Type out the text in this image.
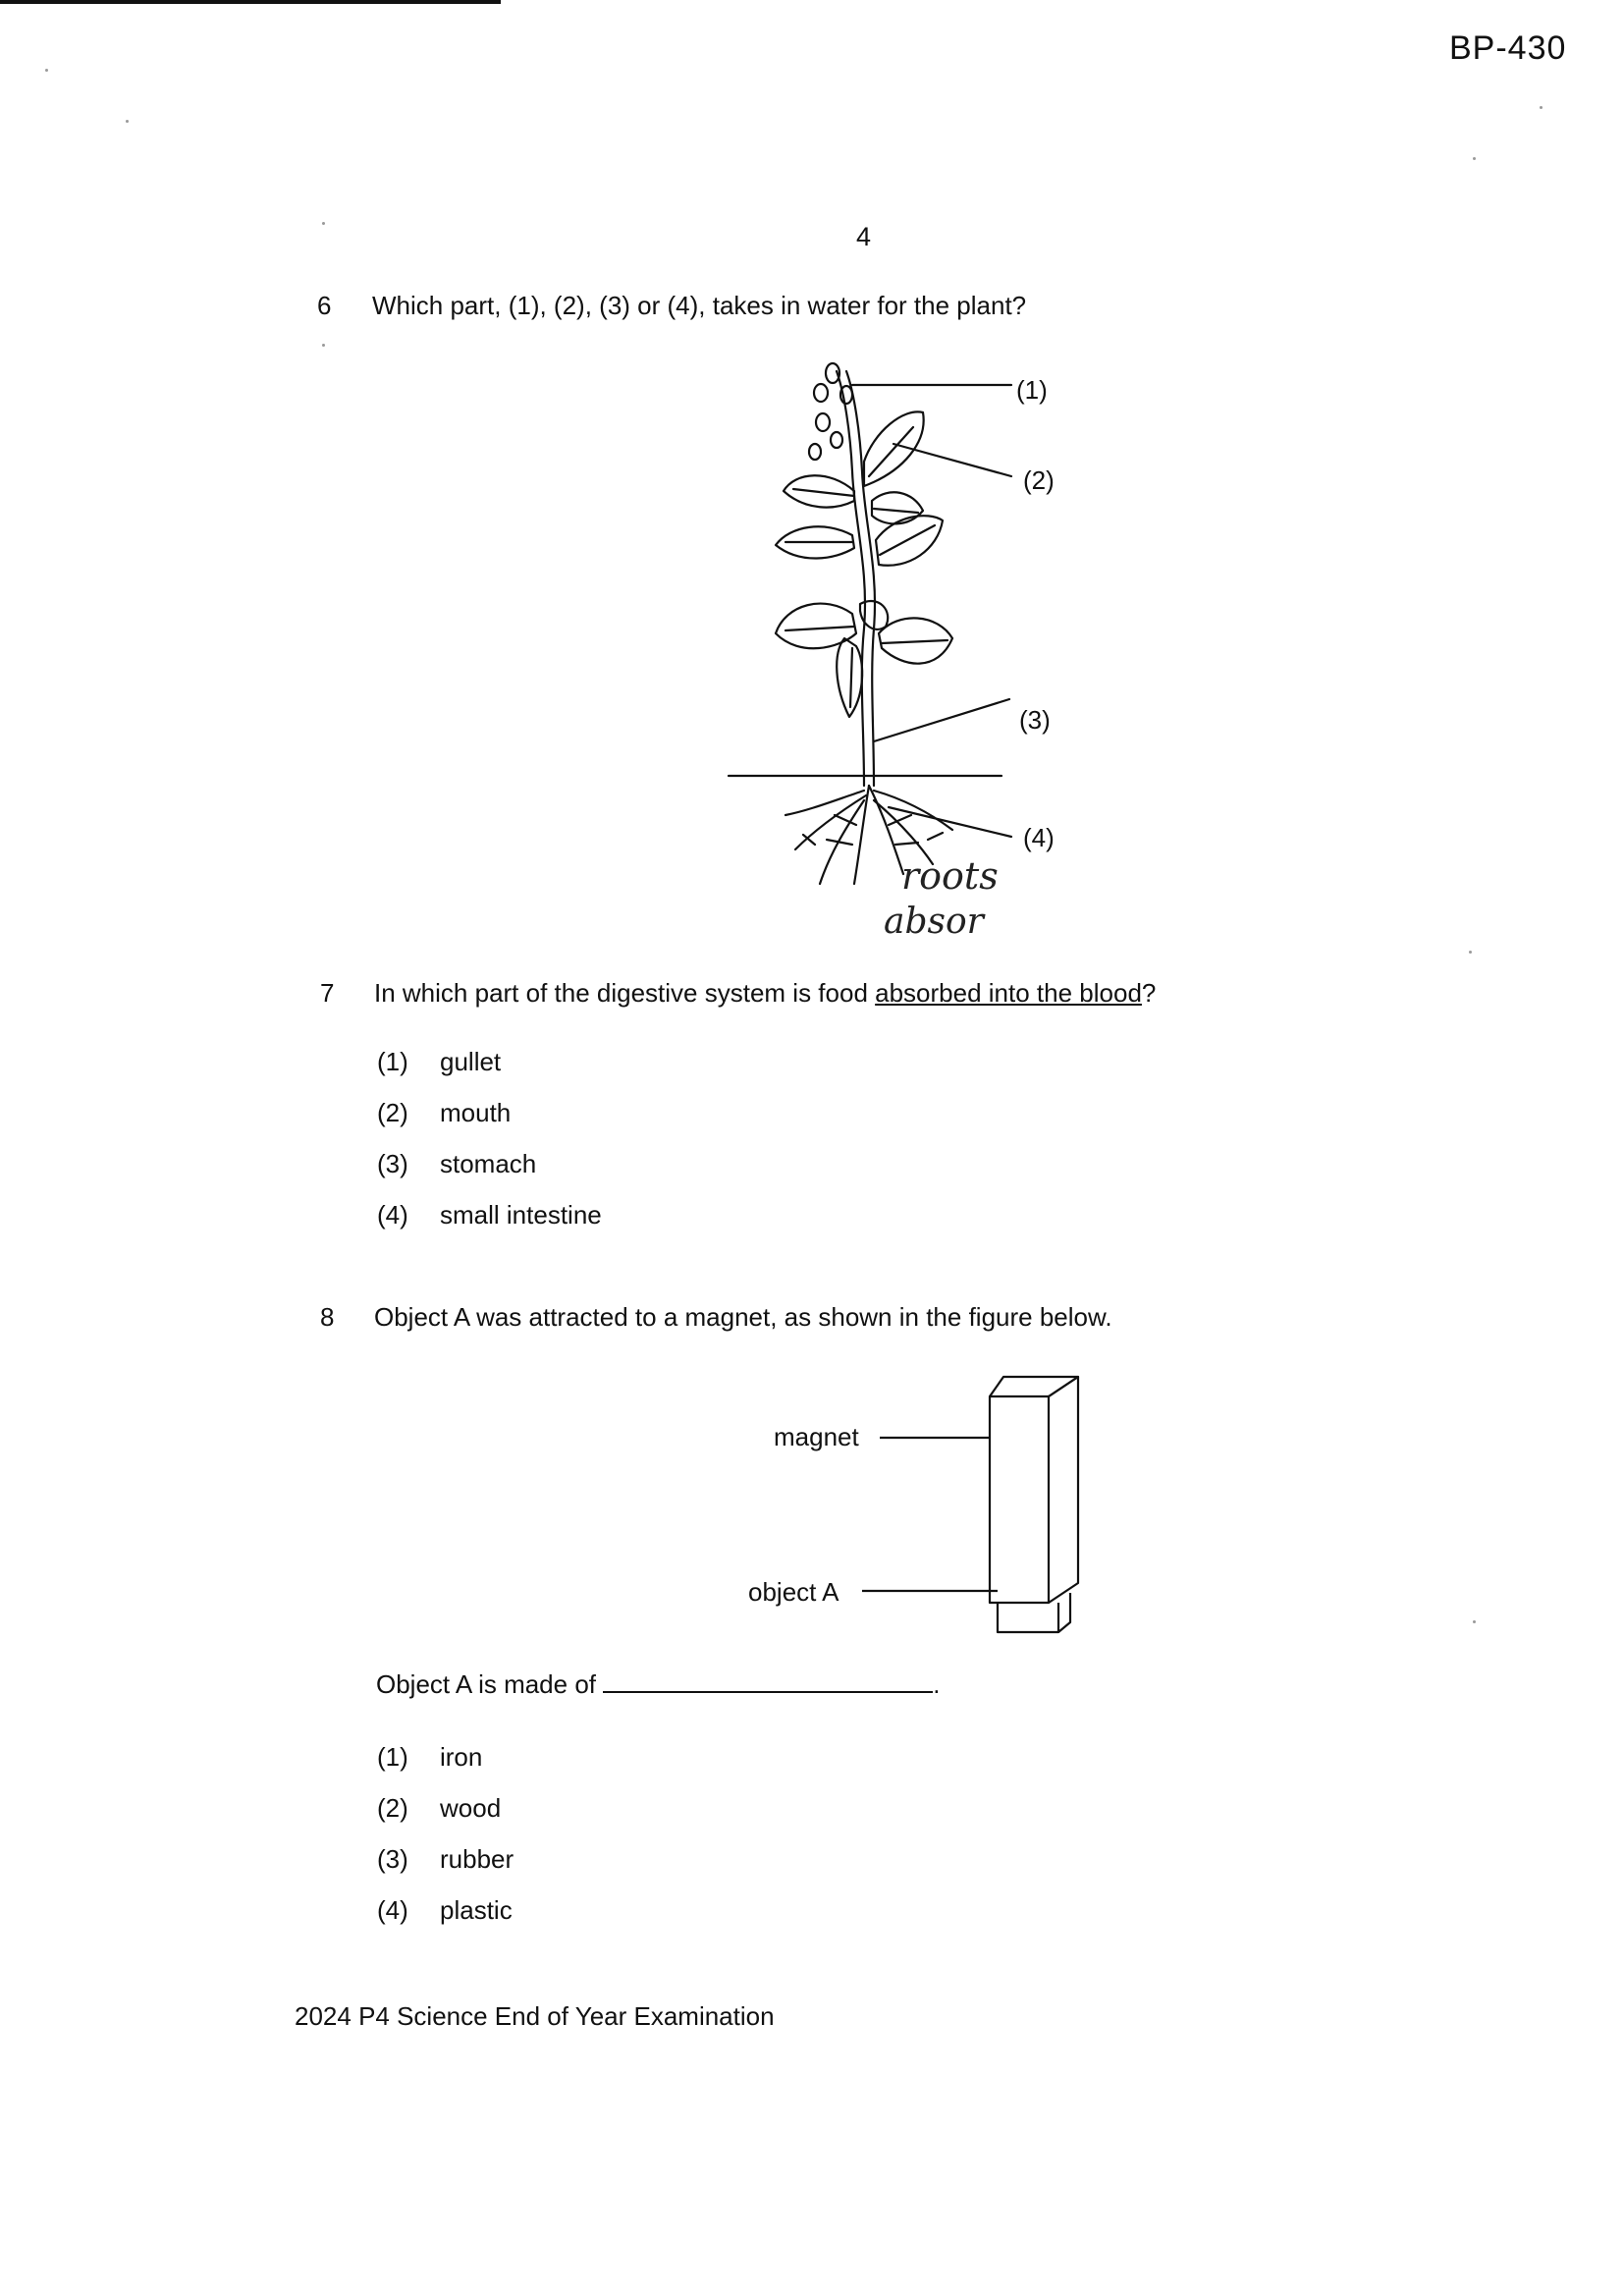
BP-430
4
6 Which part, (1), (2), (3) or (4), takes in water for the plant?
(1)
(2)
(3)
(4)
roots
absor
7 In which part of the digestive system is food absorbed into the blood?
(1) gullet
(2) mouth
(3) stomach
(4) small intestine
8 Object A was attracted to a magnet, as shown in the figure below.
magnet
object A
Object A is made of	.
(1) iron
(2) wood
(3) rubber
(4) plastic
2024 P4 Science End of Year Examination
